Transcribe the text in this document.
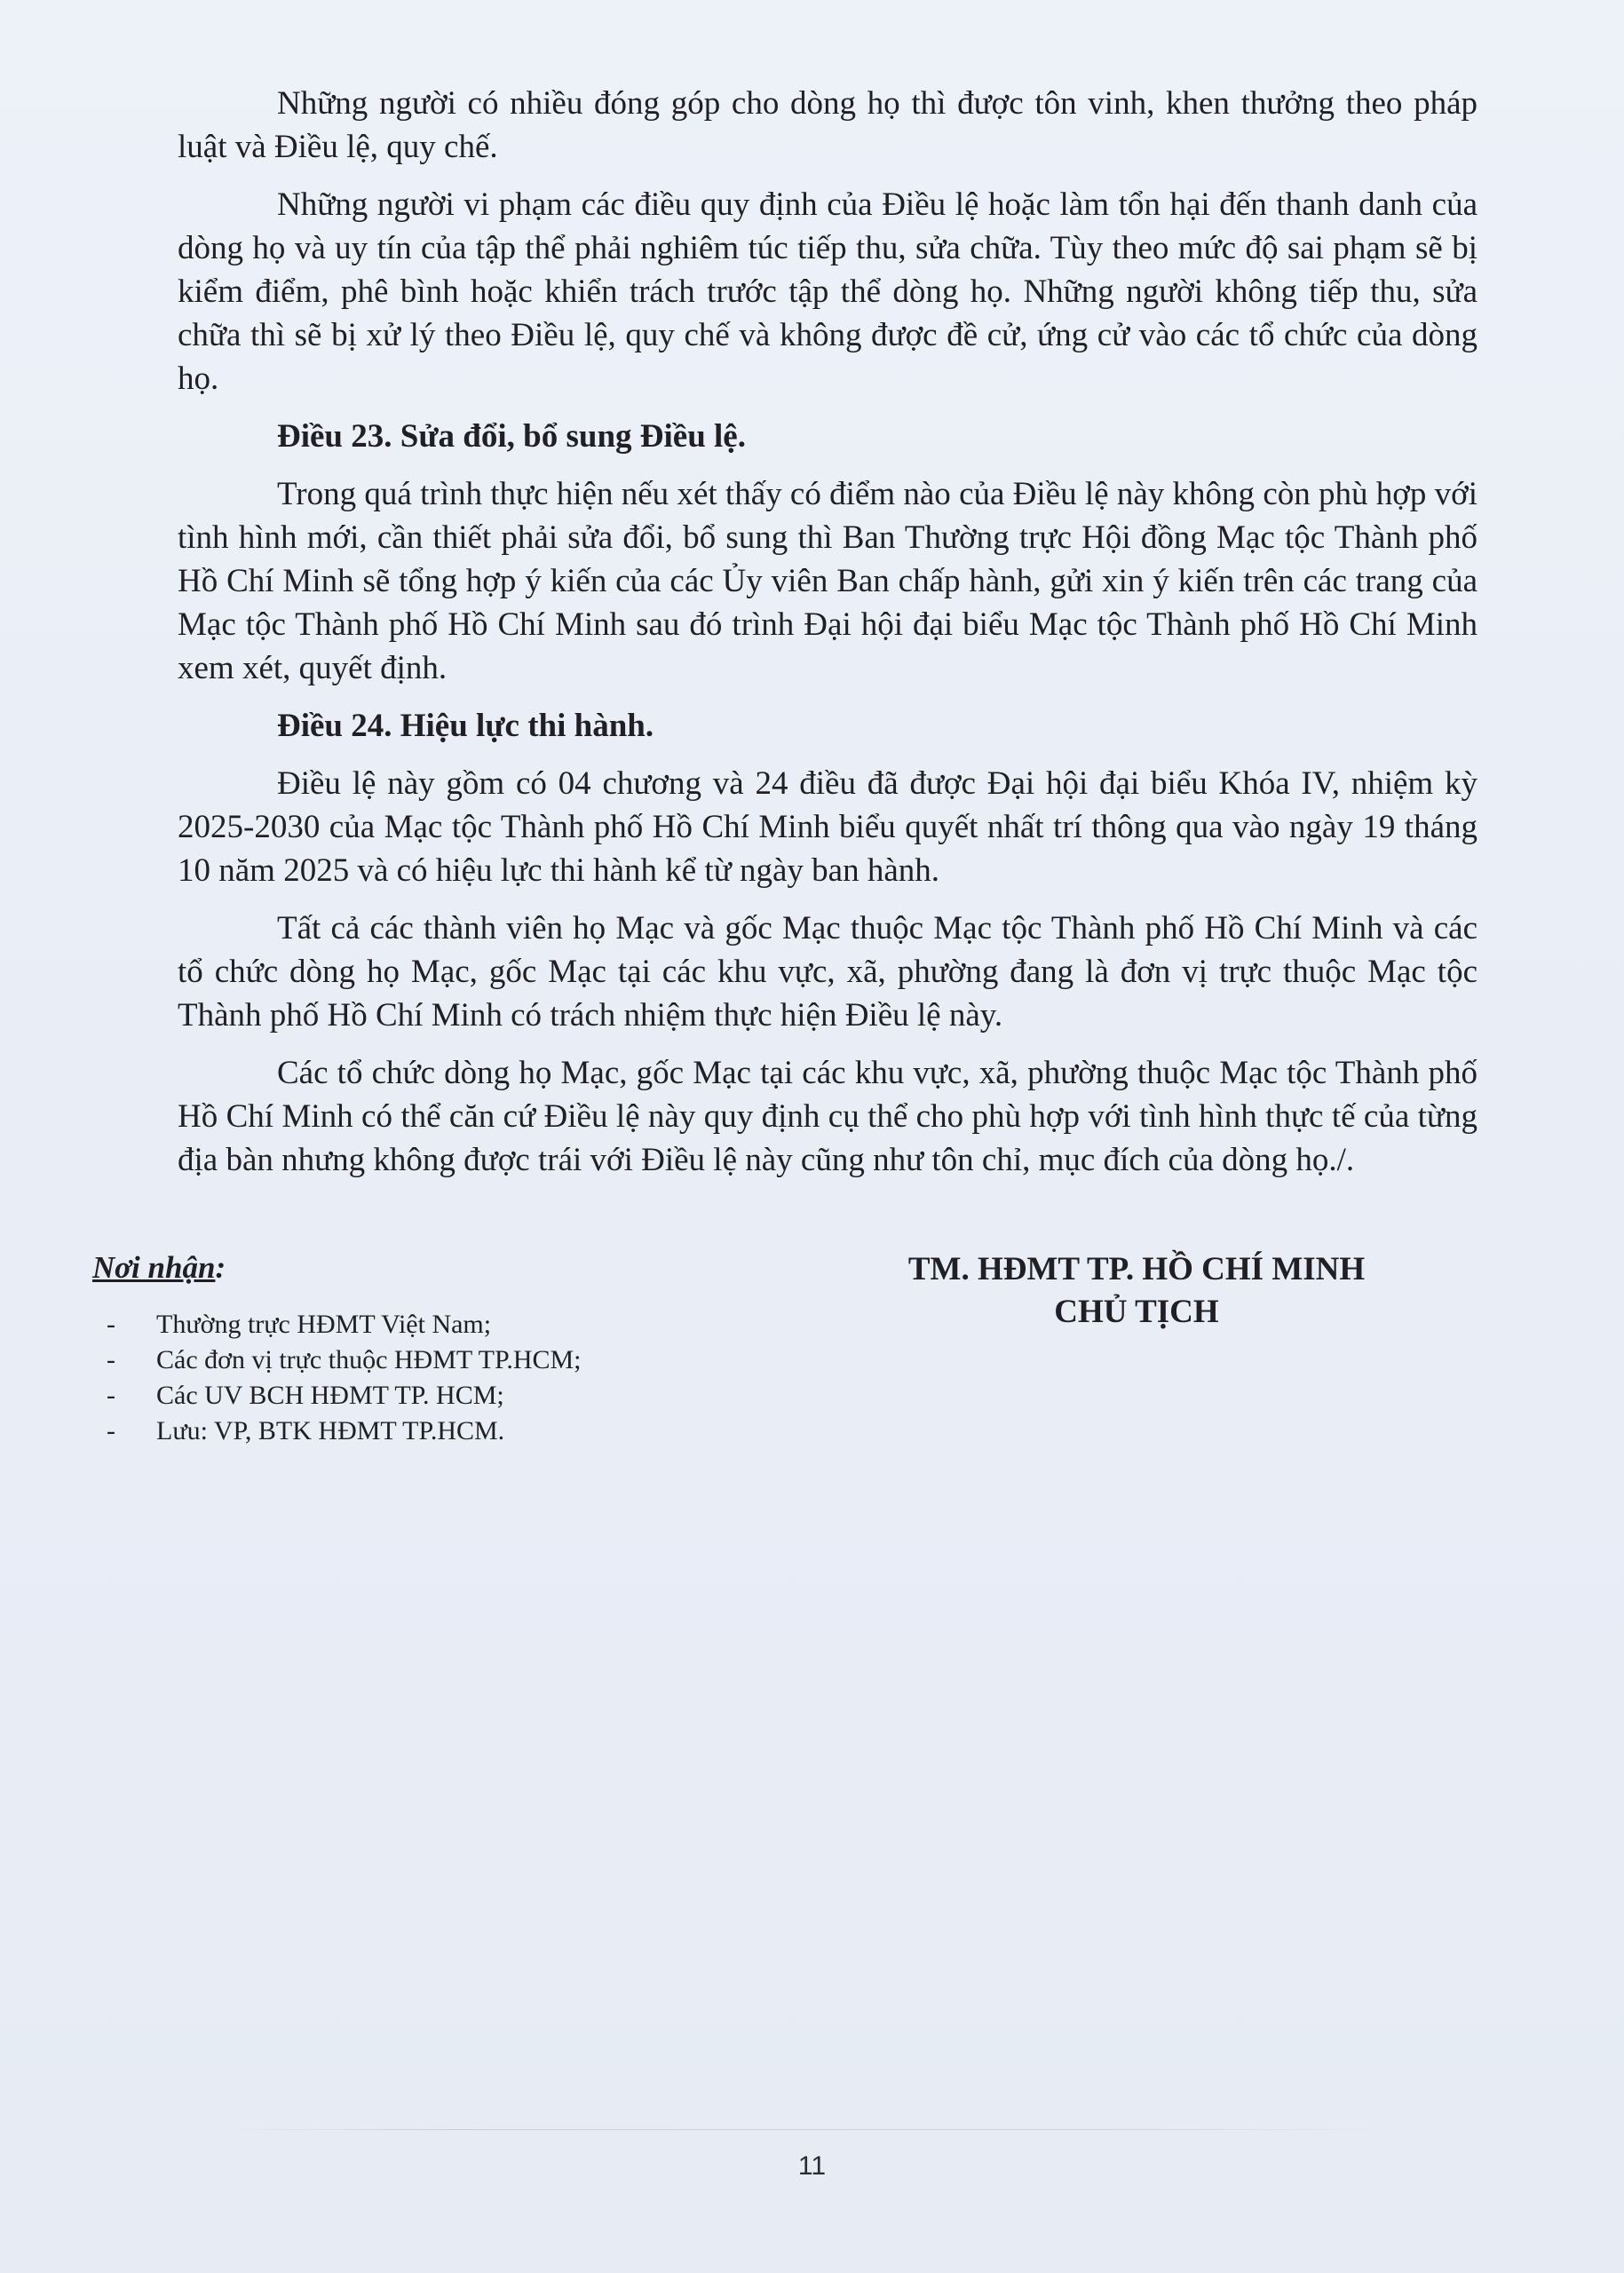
Những người có nhiều đóng góp cho dòng họ thì được tôn vinh, khen thưởng theo pháp luật và Điều lệ, quy chế.

Những người vi phạm các điều quy định của Điều lệ hoặc làm tổn hại đến thanh danh của dòng họ và uy tín của tập thể phải nghiêm túc tiếp thu, sửa chữa. Tùy theo mức độ sai phạm sẽ bị kiểm điểm, phê bình hoặc khiển trách trước tập thể dòng họ. Những người không tiếp thu, sửa chữa thì sẽ bị xử lý theo Điều lệ, quy chế và không được đề cử, ứng cử vào các tổ chức của dòng họ.

Điều 23. Sửa đổi, bổ sung Điều lệ.

Trong quá trình thực hiện nếu xét thấy có điểm nào của Điều lệ này không còn phù hợp với tình hình mới, cần thiết phải sửa đổi, bổ sung thì Ban Thường trực Hội đồng Mạc tộc Thành phố Hồ Chí Minh sẽ tổng hợp ý kiến của các Ủy viên Ban chấp hành, gửi xin ý kiến trên các trang của Mạc tộc Thành phố Hồ Chí Minh sau đó trình Đại hội đại biểu Mạc tộc Thành phố Hồ Chí Minh xem xét, quyết định.

Điều 24. Hiệu lực thi hành.

Điều lệ này gồm có 04 chương và 24 điều đã được Đại hội đại biểu Khóa IV, nhiệm kỳ 2025-2030 của Mạc tộc Thành phố Hồ Chí Minh biểu quyết nhất trí thông qua vào ngày 19 tháng 10 năm 2025 và có hiệu lực thi hành kể từ ngày ban hành.

Tất cả các thành viên họ Mạc và gốc Mạc thuộc Mạc tộc Thành phố Hồ Chí Minh và các tổ chức dòng họ Mạc, gốc Mạc tại các khu vực, xã, phường đang là đơn vị trực thuộc Mạc tộc Thành phố Hồ Chí Minh có trách nhiệm thực hiện Điều lệ này.

Các tổ chức dòng họ Mạc, gốc Mạc tại các khu vực, xã, phường thuộc Mạc tộc Thành phố Hồ Chí Minh có thể căn cứ Điều lệ này quy định cụ thể cho phù hợp với tình hình thực tế của từng địa bàn nhưng không được trái với Điều lệ này cũng như tôn chỉ, mục đích của dòng họ./.

Nơi nhận:

-	Thường trực HĐMT Việt Nam;
-	Các đơn vị trực thuộc HĐMT TP.HCM;
-	Các UV BCH HĐMT TP. HCM;
-	Lưu: VP, BTK HĐMT TP.HCM.
TM. HĐMT TP. HỒ CHÍ MINH
CHỦ TỊCH
11
